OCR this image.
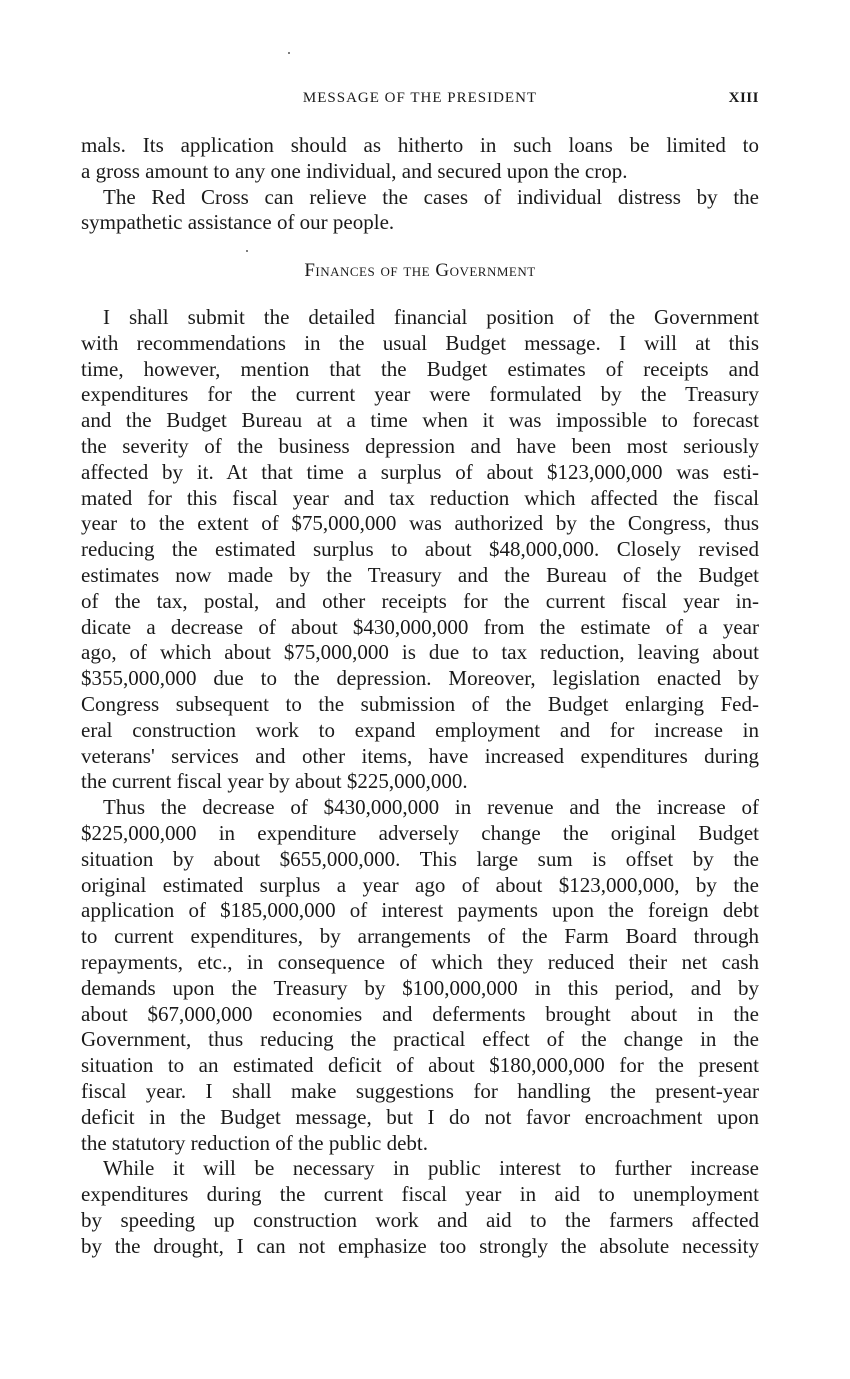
MESSAGE OF THE PRESIDENT	XIII

mals. Its application should as hitherto in such loans be limited to
a gross amount to any one individual, and secured upon the crop.

The Red Cross can relieve the cases of individual distress by the
sympathetic assistance of our people.

Finances of the Government

I shall submit the detailed financial position of the Government
with recommendations in the usual Budget message. I will at this
time, however, mention that the Budget estimates of receipts and
expenditures for the current year were formulated by the Treasury
and the Budget Bureau at a time when it was impossible to forecast
the severity of the business depression and have been most seriously
affected by it. At that time a surplus of about $123,000,000 was esti-
mated for this fiscal year and tax reduction which affected the fiscal
year to the extent of $75,000,000 was authorized by the Congress, thus
reducing the estimated surplus to about $48,000,000. Closely revised
estimates now made by the Treasury and the Bureau of the Budget
of the tax, postal, and other receipts for the current fiscal year in-
dicate a decrease of about $430,000,000 from the estimate of a year
ago, of which about $75,000,000 is due to tax reduction, leaving about
$355,000,000 due to the depression. Moreover, legislation enacted by
Congress subsequent to the submission of the Budget enlarging Fed-
eral construction work to expand employment and for increase in
veterans' services and other items, have increased expenditures during
the current fiscal year by about $225,000,000.

Thus the decrease of $430,000,000 in revenue and the increase of
$225,000,000 in expenditure adversely change the original Budget
situation by about $655,000,000. This large sum is offset by the
original estimated surplus a year ago of about $123,000,000, by the
application of $185,000,000 of interest payments upon the foreign debt
to current expenditures, by arrangements of the Farm Board through
repayments, etc., in consequence of which they reduced their net cash
demands upon the Treasury by $100,000,000 in this period, and by
about $67,000,000 economies and deferments brought about in the
Government, thus reducing the practical effect of the change in the
situation to an estimated deficit of about $180,000,000 for the present
fiscal year. I shall make suggestions for handling the present-year
deficit in the Budget message, but I do not favor encroachment upon
the statutory reduction of the public debt.

While it will be necessary in public interest to further increase
expenditures during the current fiscal year in aid to unemployment
by speeding up construction work and aid to the farmers affected
by the drought, I can not emphasize too strongly the absolute necessity
